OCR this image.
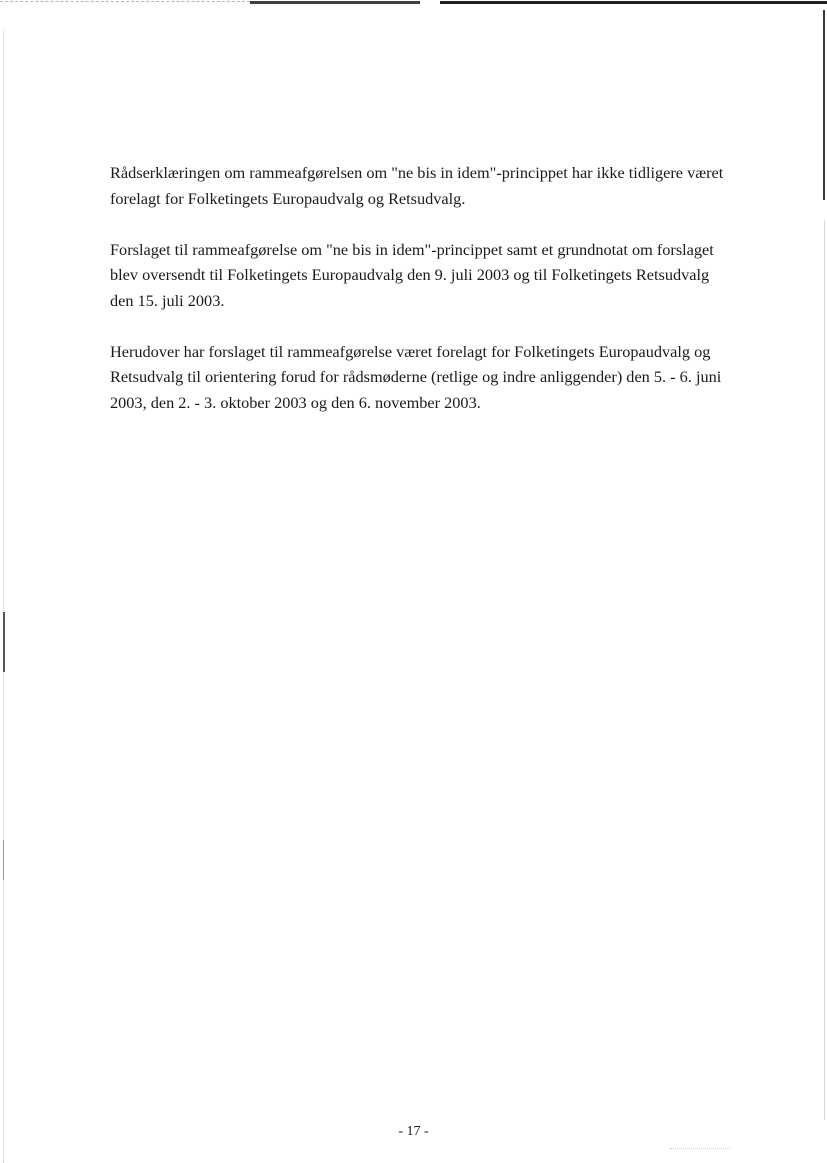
Rådserklæringen om rammeafgørelsen om "ne bis in idem"-princippet har ikke tidligere været
forelagt for Folketingets Europaudvalg og Retsudvalg.

Forslaget til rammeafgørelse om "ne bis in idem"-princippet samt et grundnotat om forslaget
blev oversendt til Folketingets Europaudvalg den 9. juli 2003 og til Folketingets Retsudvalg
den 15. juli 2003.

Herudover har forslaget til rammeafgørelse været forelagt for Folketingets Europaudvalg og
Retsudvalg til orientering forud for rådsmøderne (retlige og indre anliggender) den 5. - 6. juni
2003, den 2. - 3. oktober 2003 og den 6. november 2003.

- 17 -
